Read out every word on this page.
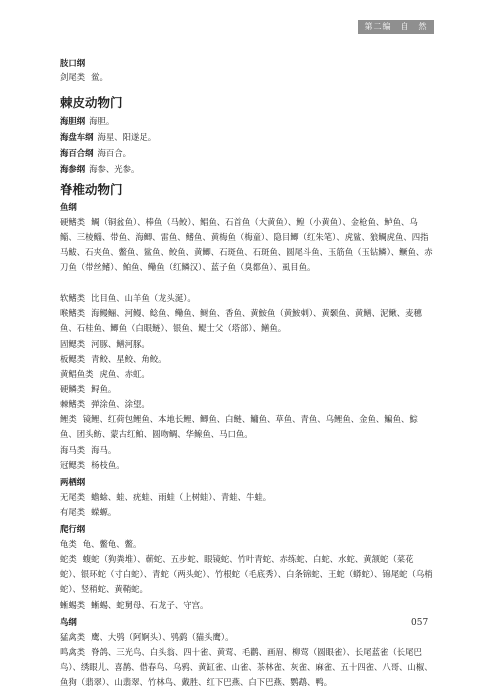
第二编　自　然

肢口纲

剑尾类 鲎。

棘皮动物门

海胆纲 海胆。

海盘车纲 海星、阳遂足。

海百合纲 海百合。

海参纲 海参、光参。

脊椎动物门

鱼纲

硬鳍类 鲷（铜盆鱼）、棒鱼（马鲛）、鲳鱼、石首鱼（大黄鱼）、鳇（小黄鱼）、金枪鱼、鲈鱼、乌鲻、三棱鲻、带鱼、海鲫、雷鱼、鳍鱼、黄梅鱼（梅童）、隐目鲫（红朱笔）、虎鲨、狼鲷虎鱼、四指马鲅、石夹鱼、鳖鱼、鲨鱼、鲛鱼、黄鲫、石斑鱼、石斑鱼、圆尾斗鱼、玉筋鱼（玉钻鳞）、鳜鱼、赤刀鱼（带丝鳍）、鲌鱼、鳓鱼（红鳞汉）、蓝子鱼（臭都鱼）、虱目鱼。

软鳍类 比目鱼、山羊鱼（龙头涎）。

喉鳍类 海鳗鲡、河鳗、鲶鱼、鳓鱼、鲥鱼、香鱼、黄鮟鱼（黄鮟刺）、黄颡鱼、黄鳝、泥鳅、麦穗鱼、石桂鱼、鲫鱼（白眼鲢）、银鱼、鳀士父（塔部）、鳝鱼。

固鳃类 河豚、鳝河豚。

板鳃类 青鲛、星鲛、角鲛。

黄鲳鱼类 虎鱼、赤虹。

硬鳞类 鲟鱼。

棘鳍类 弹涂鱼、涂望。

鲤类 镜鲤、红荷包鲤鱼、本地长鲤、鲫鱼、白鲢、鳙鱼、草鱼、青鱼、乌鲤鱼、金鱼、鳊鱼、鯮鱼、团头鲂、蒙古红鲌、圆吻鲷、华鳈鱼、马口鱼。

海马类 海马。

冠鳃类 杨枝鱼。

两栖纲

无尾类 蟾蜍、蛙、疣蛙、雨蛙（上树蛙）、青蛙、牛蛙。

有尾类 蝾螈。

爬行纲

龟类 龟、鳖龟、鳖。

蛇类 蝮蛇（狗粪堆）、蕲蛇、五步蛇、眼镜蛇、竹叶青蛇、赤练蛇、白蛇、水蛇、黄颔蛇（菜花蛇）、银环蛇（寸白蛇）、青蛇（两头蛇）、竹根蛇（毛底秀）、白条锦蛇、王蛇（蟒蛇）、锦尾蛇（乌梢蛇）、竖稍蛇、黄鞘蛇。

蜥蜴类 蜥蜴、蛇舅母、石龙子、守宫。

鸟纲

猛禽类 鹰、大鸮（阿婀头）、鸮鹞（猫头鹰）。

鸣禽类 脊鸽、三光鸟、白头翁、四十雀、黄莺、毛鹳、画眉、柳莺（圆眼雀）、长尾蓝雀（长尾巴鸟）、绣眼儿、喜鹊、借春鸟、乌鸦、黄缸雀、山雀、茶林雀、灰雀、麻雀、五十四雀、八哥、山椒、鱼狗（翡翠）、山翡翠、竹林鸟、戴胜、红下巴燕、白下巴燕、鹦鹉、鸭。

057
